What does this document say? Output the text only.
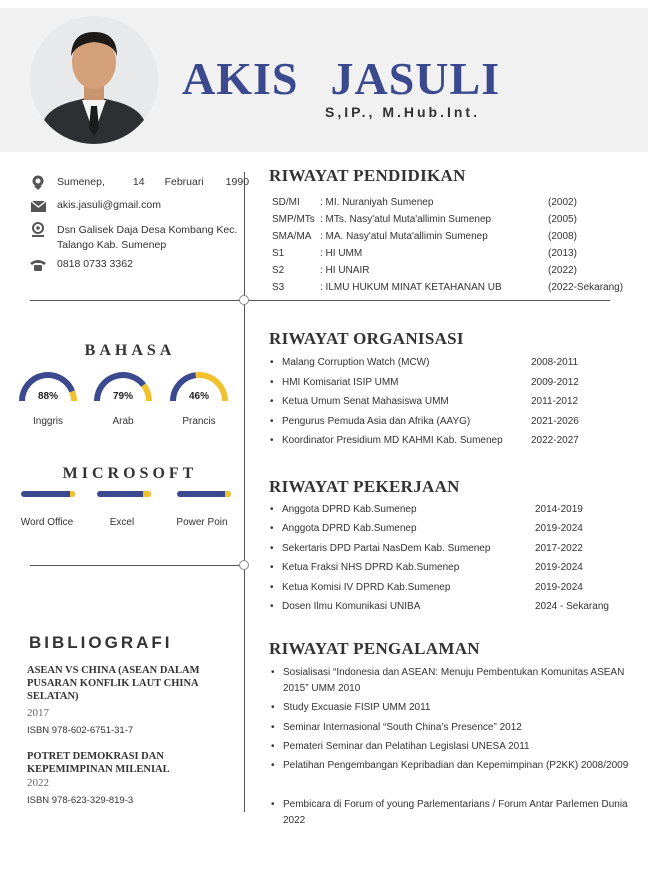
AKIS JASULI
S,IP., M.Hub.Int.
Sumenep,	14 Februari 1990
akis.jasuli@gmail.com
Dsn Galisek Daja Desa Kombang Kec.
Talango Kab. Sumenep
0818 0733 3362
RIWAYAT PENDIDIKAN
SD/MI : MI. Nuraniyah Sumenep	(2002)
SMP/MTs : MTs. Nasy'atul Muta'allimin Sumenep	(2005)
SMA/MA : MA. Nasy'atul Muta'allimin Sumenep	(2008)
S1	: HI UMM	(2013)
S2	: HI UNAIR	(2022)
S3	: ILMU HUKUM MINAT KETAHANAN UB	(2022-Sekarang)
BAHASA
88%
Inggris
79%
Arab
46%
Prancis
MICROSOFT
Word Office	Excel	Power Poin
RIWAYAT ORGANISASI
• Malang Corruption Watch (MCW)	2008-2011
• HMI Komisariat ISIP UMM	2009-2012
• Ketua Umum Senat Mahasiswa UMM	2011-2012
• Pengurus Pemuda Asia dan Afrika (AAYG)	2021-2026
• Koordinator Presidium MD KAHMI Kab. Sumenep	2022-2027
RIWAYAT PEKERJAAN
• Anggota DPRD Kab.Sumenep	2014-2019
• Anggota DPRD Kab.Sumenep	2019-2024
• Sekertaris DPD Partai NasDem Kab. Sumenep	2017-2022
• Ketua Fraksi NHS DPRD Kab.Sumenep	2019-2024
• Ketua Komisi IV DPRD Kab.Sumenep	2019-2024
• Dosen Ilmu Komunikasi UNIBA	2024 - Sekarang
BIBLIOGRAFI
ASEAN VS CHINA (ASEAN DALAM PUSARAN KONFLIK LAUT CHINA SELATAN)
2017
ISBN 978-602-6751-31-7
POTRET DEMOKRASI DAN KEPEMIMPINAN MILENIAL
2022
ISBN 978-623-329-819-3
RIWAYAT PENGALAMAN
• Sosialisasi “Indonesia dan ASEAN: Menuju Pembentukan Komunitas ASEAN 2015” UMM 2010
• Study Excuasie FISIP UMM 2011
• Seminar Internasional “South China’s Presence” 2012
• Pemateri Seminar dan Pelatihan Legislasi UNESA 2011
• Pelatihan Pengembangan Kepribadian dan Kepemimpinan (P2KK) 2008/2009
• Pembicara di Forum of young Parlementarians / Forum Antar Parlemen Dunia 2022
